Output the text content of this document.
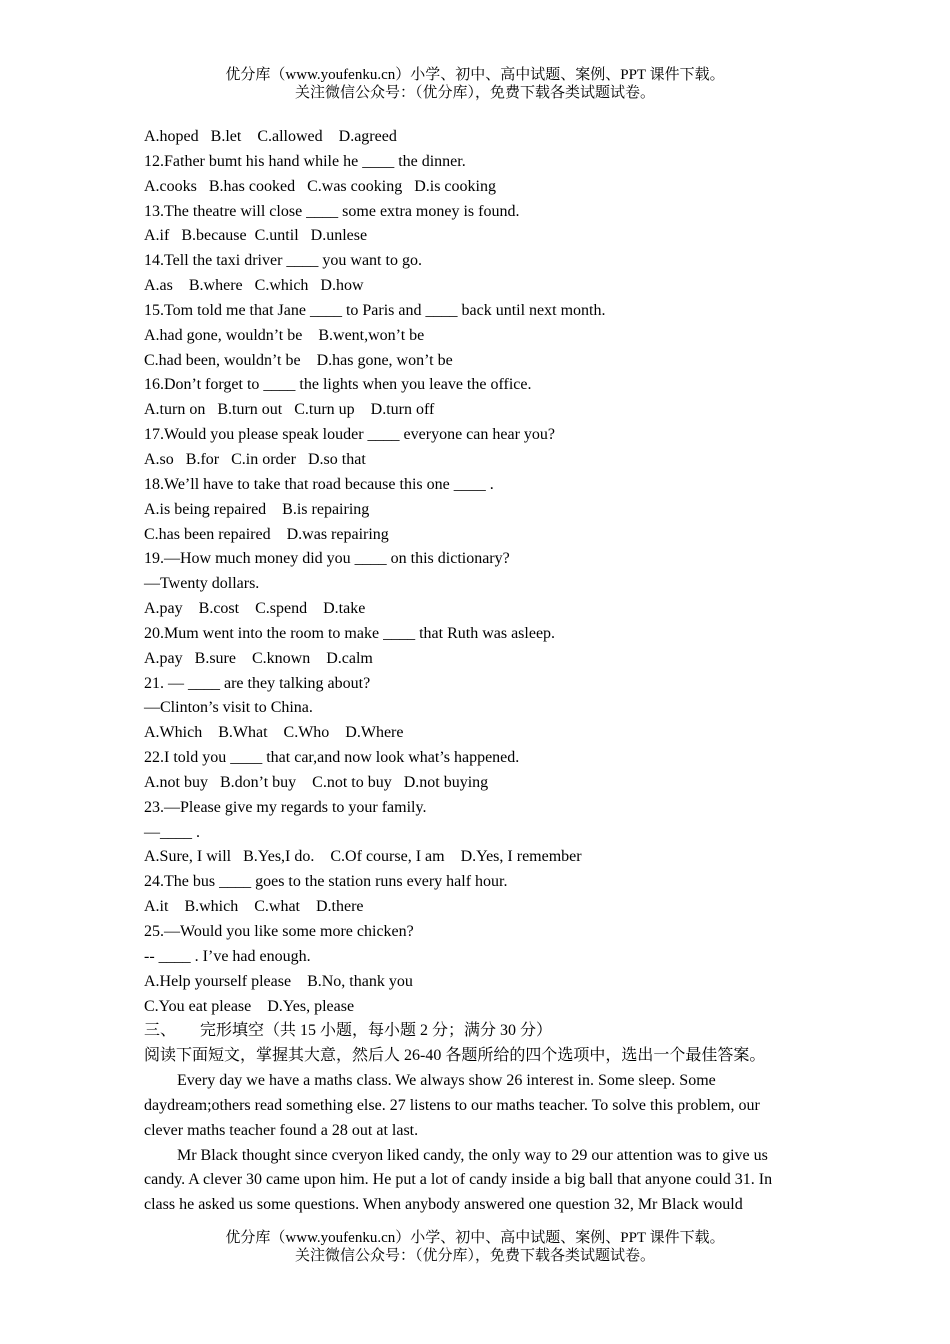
优分库（www.youfenku.cn）小学、初中、高中试题、案例、PPT 课件下载。
关注微信公众号：（优分库），免费下载各类试题试卷。
A.hoped   B.let    C.allowed    D.agreed
12.Father bumt his hand while he ____ the dinner.
A.cooks   B.has cooked   C.was cooking   D.is cooking
13.The theatre will close ____ some extra money is found.
A.if   B.because  C.until   D.unlese
14.Tell the taxi driver ____ you want to go.
A.as    B.where   C.which   D.how
15.Tom told me that Jane ____ to Paris and ____ back until next month.
A.had gone, wouldn’t be    B.went,won’t be
C.had been, wouldn’t be    D.has gone, won’t be
16.Don’t forget to ____ the lights when you leave the office.
A.turn on   B.turn out   C.turn up    D.turn off
17.Would you please speak louder ____ everyone can hear you?
A.so   B.for   C.in order   D.so that
18.We’ll have to take that road because this one ____ .
A.is being repaired    B.is repairing
C.has been repaired    D.was repairing
19.—How much money did you ____ on this dictionary?
—Twenty dollars.
A.pay    B.cost    C.spend    D.take
20.Mum went into the room to make ____ that Ruth was asleep.
A.pay   B.sure    C.known    D.calm
21. — ____ are they talking about?
—Clinton’s visit to China.
A.Which    B.What    C.Who    D.Where
22.I told you ____ that car,and now look what’s happened.
A.not buy   B.don’t buy    C.not to buy   D.not buying
23.—Please give my regards to your family.
—____ .
A.Sure, I will   B.Yes,I do.    C.Of course, I am    D.Yes, I remember
24.The bus ____ goes to the station runs every half hour.
A.it    B.which    C.what    D.there
25.—Would you like some more chicken?
-- ____ . I’ve had enough.
A.Help yourself please    B.No, thank you
C.You eat please    D.Yes, please
三、      完形填空（共 15 小题，每小题 2 分；满分 30 分）
阅读下面短文，掌握其大意，然后人 26-40 各题所给的四个选项中，选出一个最佳答案。
Every day we have a maths class. We always show 26 interest in. Some sleep. Some
daydream;others read something else. 27 listens to our maths teacher. To solve this problem, our
clever maths teacher found a 28 out at last.
Mr Black thought since cveryon liked candy, the only way to 29 our attention was to give us
candy. A clever 30 came upon him. He put a lot of candy inside a big ball that anyone could 31. In
class he asked us some questions. When anybody answered one question 32, Mr Black would
优分库（www.youfenku.cn）小学、初中、高中试题、案例、PPT 课件下载。
关注微信公众号：（优分库），免费下载各类试题试卷。
